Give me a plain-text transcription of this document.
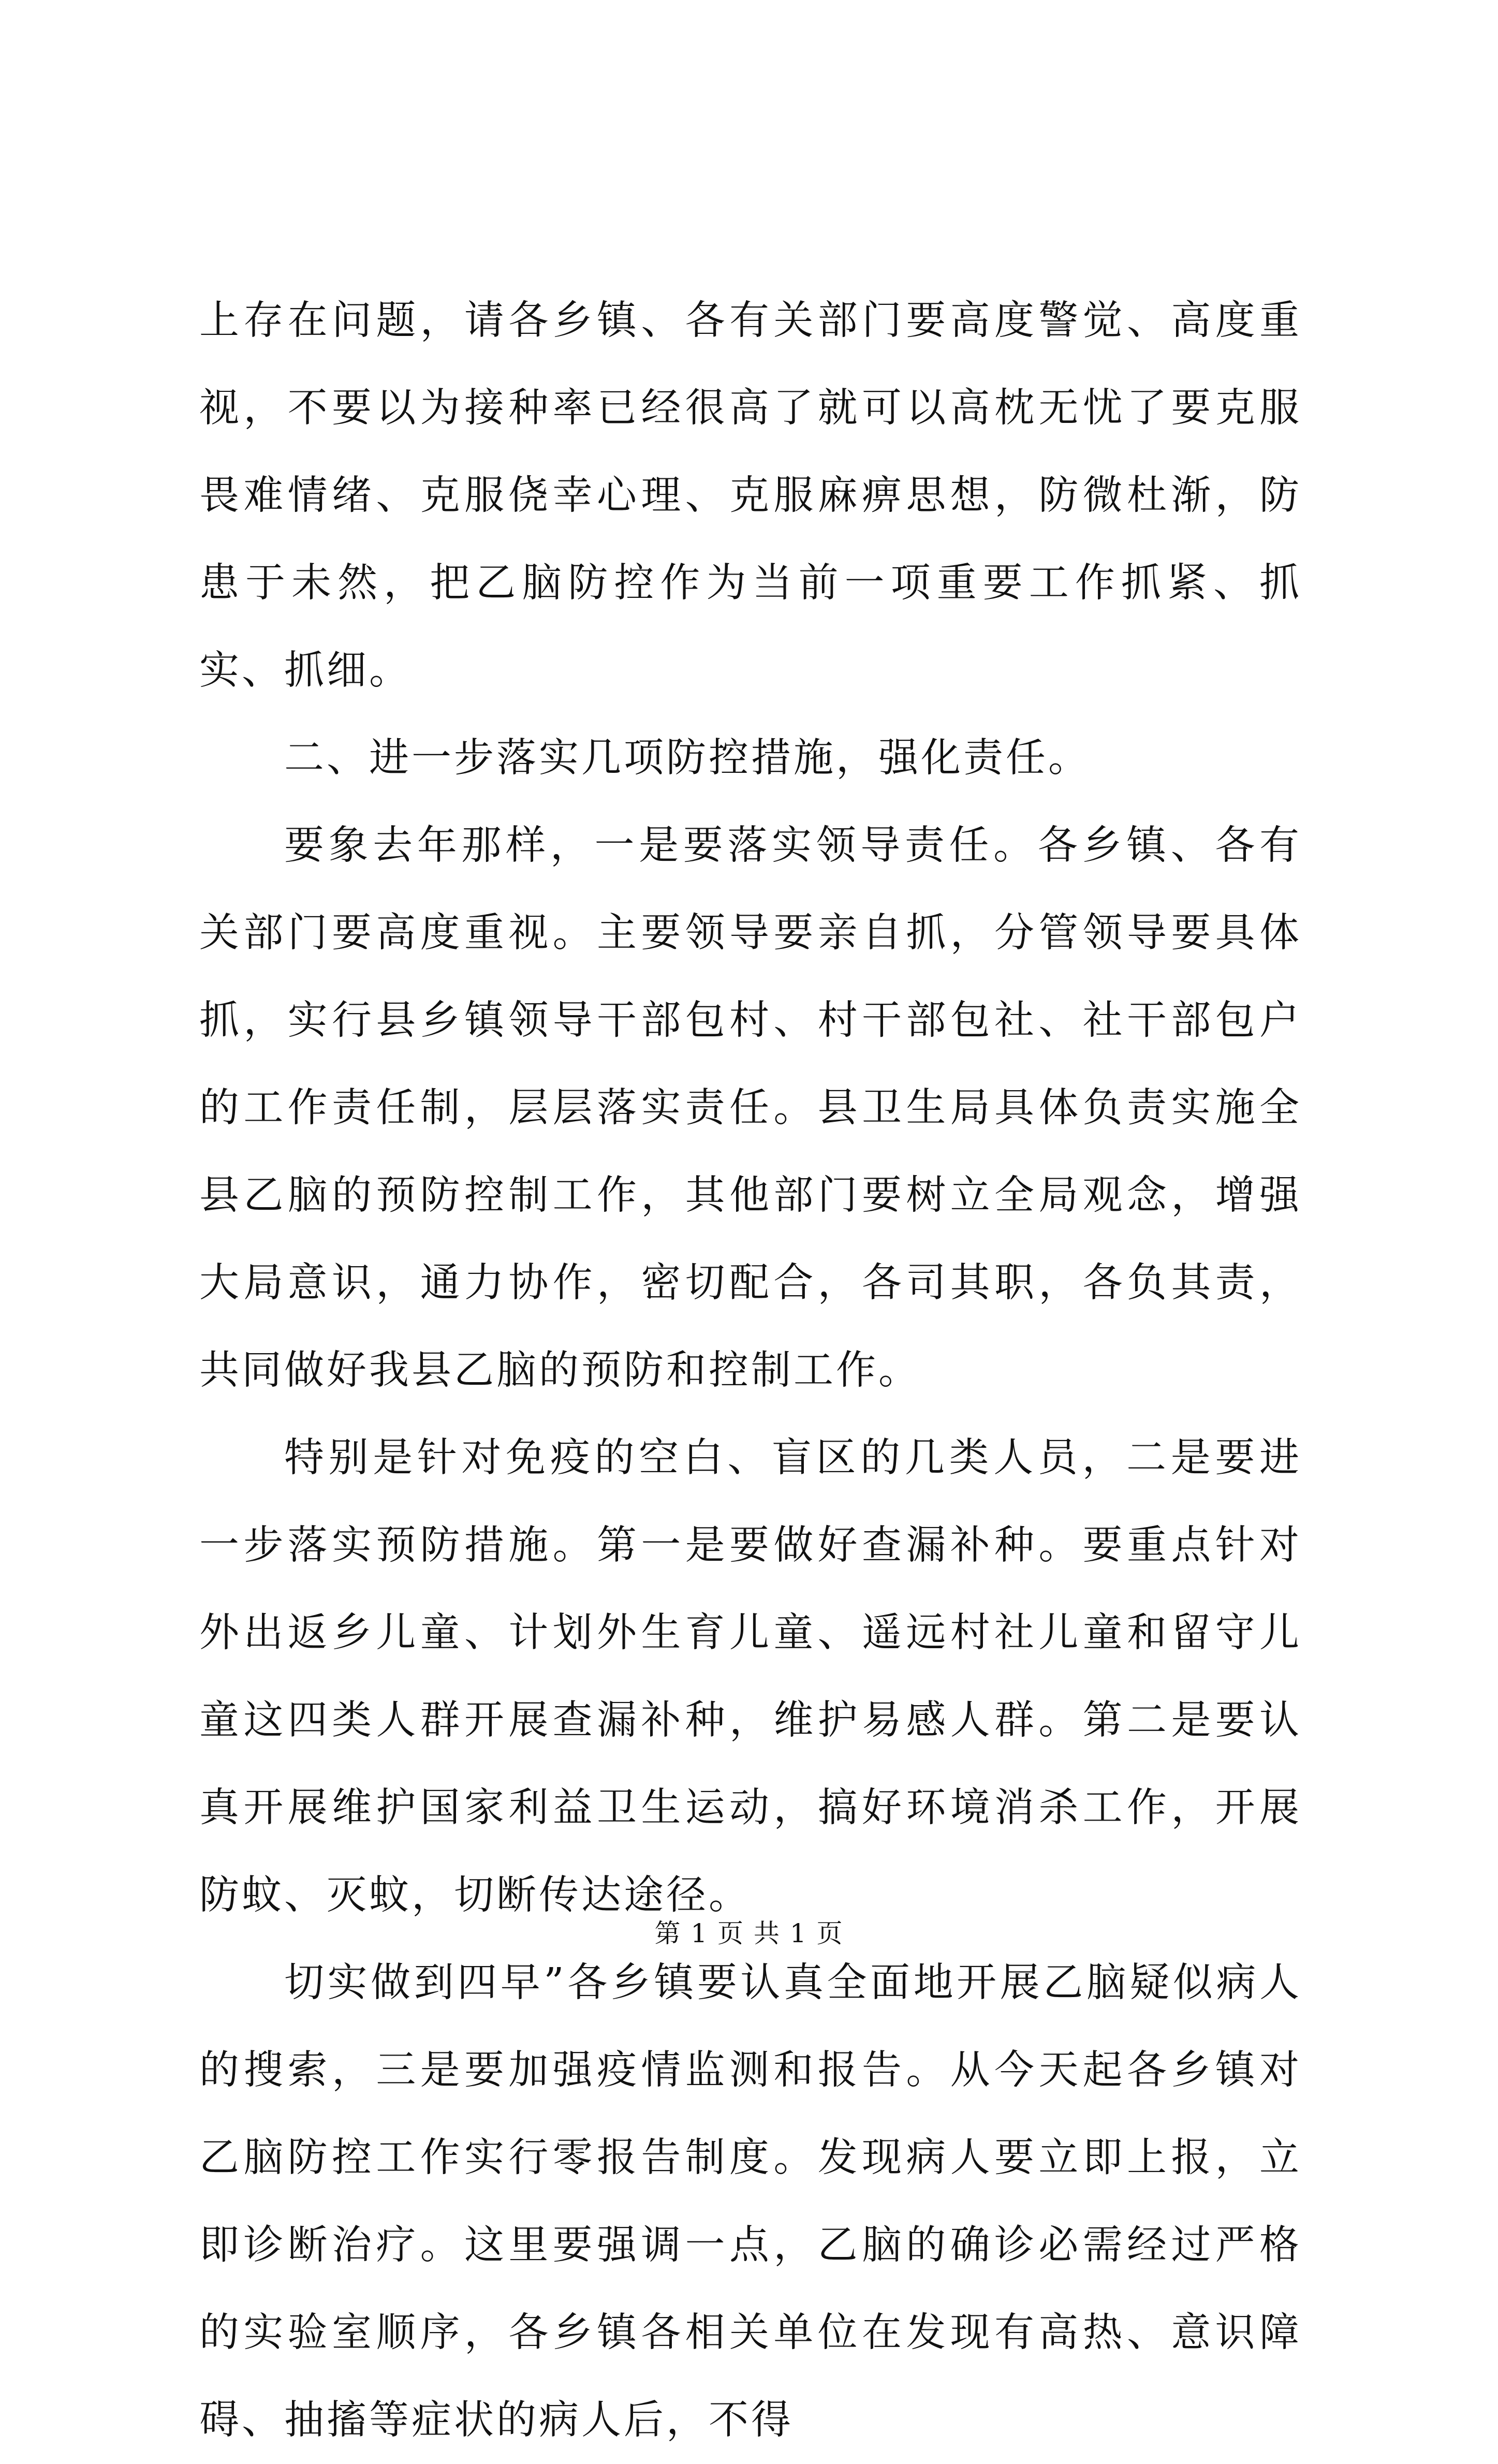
上存在问题，请各乡镇、各有关部门要高度警觉、高度重视，不要以为接种率已经很高了就可以高枕无忧了要克服畏难情绪、克服侥幸心理、克服麻痹思想，防微杜渐，防患于未然，把乙脑防控作为当前一项重要工作抓紧、抓实、抓细。

二、进一步落实几项防控措施，强化责任。

要象去年那样，一是要落实领导责任。各乡镇、各有关部门要高度重视。主要领导要亲自抓，分管领导要具体抓，实行县乡镇领导干部包村、村干部包社、社干部包户的工作责任制，层层落实责任。县卫生局具体负责实施全县乙脑的预防控制工作，其他部门要树立全局观念，增强大局意识，通力协作，密切配合，各司其职，各负其责，共同做好我县乙脑的预防和控制工作。

特别是针对免疫的空白、盲区的几类人员，二是要进一步落实预防措施。第一是要做好查漏补种。要重点针对外出返乡儿童、计划外生育儿童、遥远村社儿童和留守儿童这四类人群开展查漏补种，维护易感人群。第二是要认真开展维护国家利益卫生运动，搞好环境消杀工作，开展防蚊、灭蚊，切断传达途径。

切实做到四早”各乡镇要认真全面地开展乙脑疑似病人的搜索，三是要加强疫情监测和报告。从今天起各乡镇对乙脑防控工作实行零报告制度。发现病人要立即上报，立即诊断治疗。这里要强调一点，乙脑的确诊必需经过严格的实验室顺序，各乡镇各相关单位在发现有高热、意识障碍、抽搐等症状的病人后，不得

第 1 页 共 1 页
